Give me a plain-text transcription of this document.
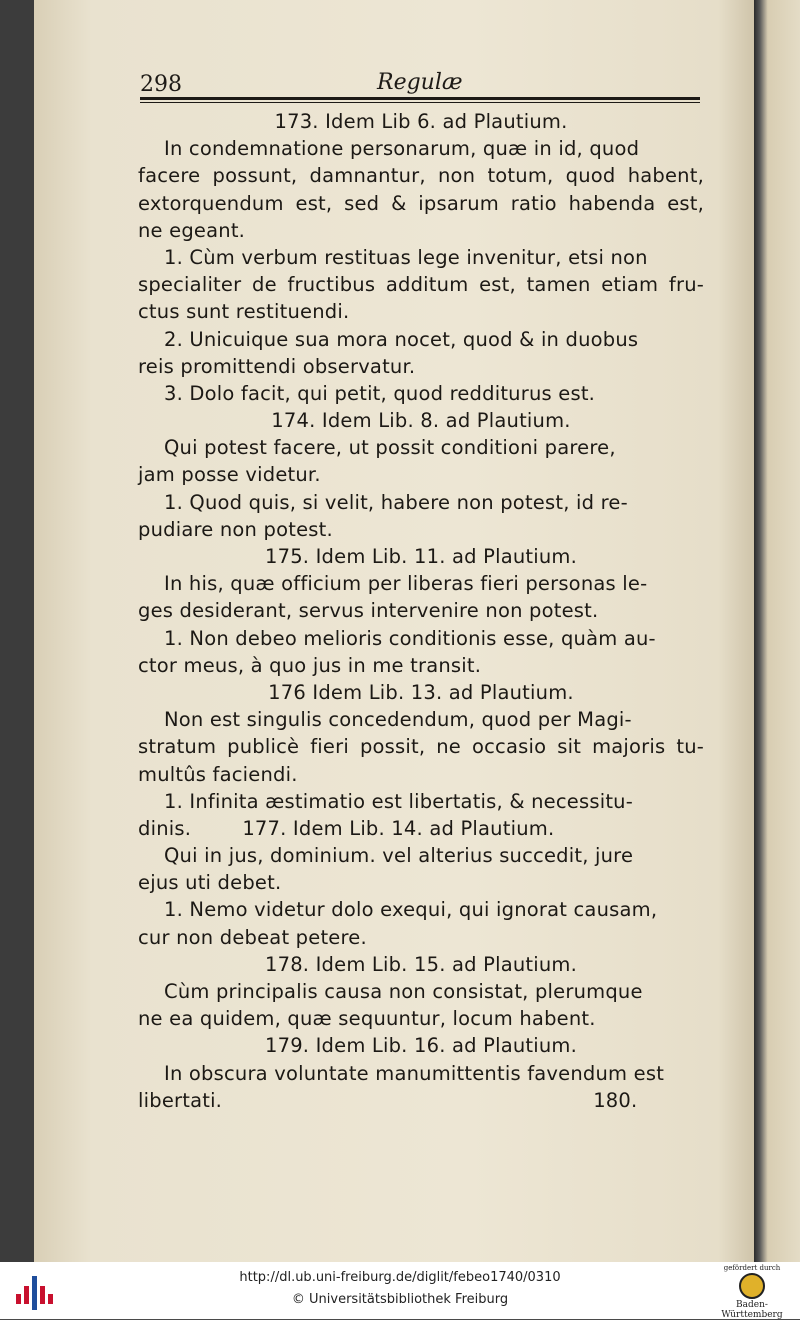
298	Regulæ
173. Idem Lib 6. ad Plautium.
In condemnatione personarum, quæ in id, quod
facere possunt, damnantur, non totum, quod habent,
extorquendum est, sed & ipsarum ratio habenda est,
ne egeant.
1. Cùm verbum restituas lege invenitur, etsi non
specialiter de fructibus additum est, tamen etiam fru-
ctus sunt restituendi.
2. Unicuique sua mora nocet, quod & in duobus
reis promittendi observatur.
3. Dolo facit, qui petit, quod redditurus est.
174. Idem Lib. 8. ad Plautium.
Qui potest facere, ut possit conditioni parere,
jam posse videtur.
1. Quod quis, si velit, habere non potest, id re-
pudiare non potest.
175. Idem Lib. 11. ad Plautium.
In his, quæ officium per liberas fieri personas le-
ges desiderant, servus intervenire non potest.
1. Non debeo melioris conditionis esse, quàm au-
ctor meus, à quo jus in me transit.
176 Idem Lib. 13. ad Plautium.
Non est singulis concedendum, quod per Magi-
stratum publicè fieri possit, ne occasio sit majoris tu-
multûs faciendi.
1. Infinita æstimatio est libertatis, & necessitu-
dinis.        177. Idem Lib. 14. ad Plautium.
Qui in jus, dominium. vel alterius succedit, jure
ejus uti debet.
1. Nemo videtur dolo exequi, qui ignorat causam,
cur non debeat petere.
178. Idem Lib. 15. ad Plautium.
Cùm principalis causa non consistat, plerumque
ne ea quidem, quæ sequuntur, locum habent.
179. Idem Lib. 16. ad Plautium.
In obscura voluntate manumittentis favendum est
libertati.                                                          180.
http://dl.ub.uni-freiburg.de/diglit/febeo1740/0310
© Universitätsbibliothek Freiburg
gefördert durch
Baden-Württemberg
